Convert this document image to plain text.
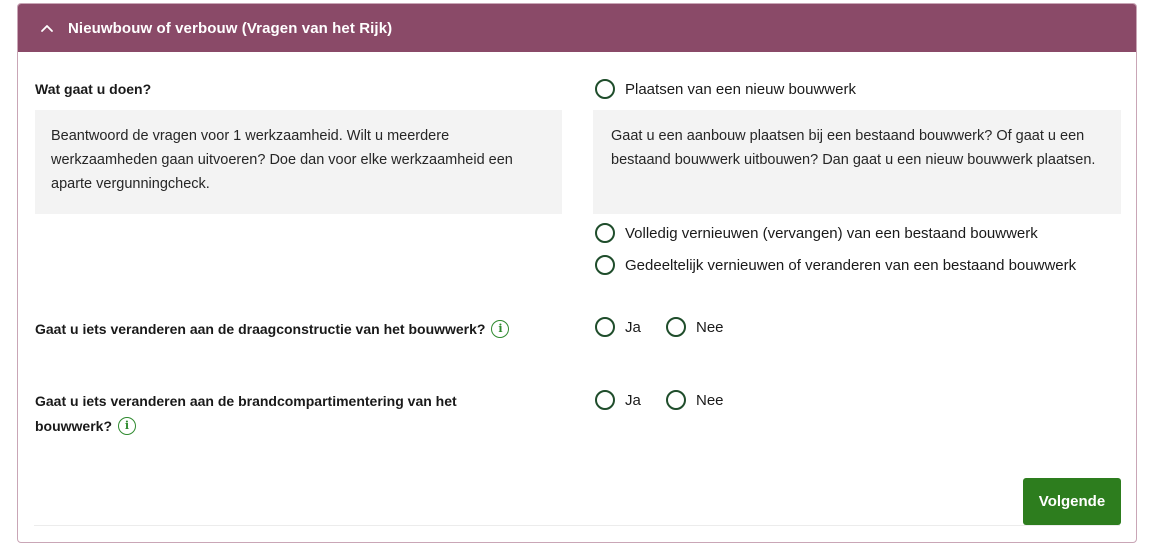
Nieuwbouw of verbouw (Vragen van het Rijk)
Wat gaat u doen?
Beantwoord de vragen voor 1 werkzaamheid. Wilt u meerdere werkzaamheden gaan uitvoeren? Doe dan voor elke werkzaamheid een aparte vergunningcheck.
Plaatsen van een nieuw bouwwerk
Gaat u een aanbouw plaatsen bij een bestaand bouwwerk? Of gaat u een bestaand bouwwerk uitbouwen? Dan gaat u een nieuw bouwwerk plaatsen.
Volledig vernieuwen (vervangen) van een bestaand bouwwerk
Gedeeltelijk vernieuwen of veranderen van een bestaand bouwwerk
Gaat u iets veranderen aan de draagconstructie van het bouwwerk? i	Ja	Nee
Gaat u iets veranderen aan de brandcompartimentering van het
bouwwerk? i
Ja	Nee
Volgende
